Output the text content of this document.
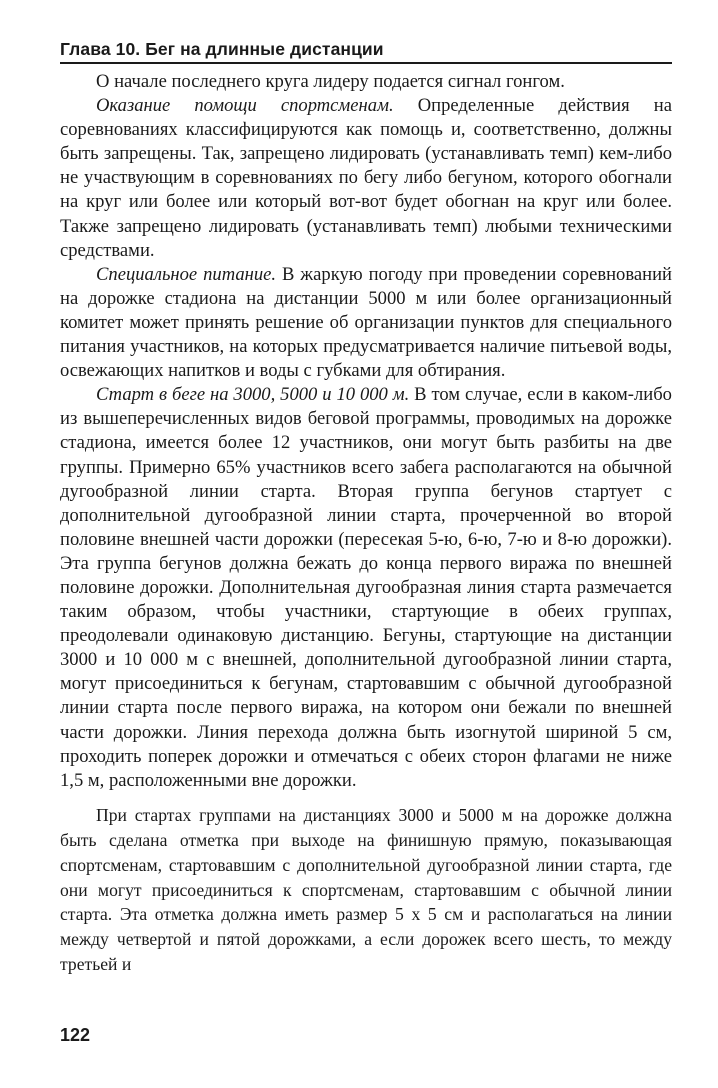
Глава 10. Бег на длинные дистанции

О начале последнего круга лидеру подается сигнал гонгом.

Оказание помощи спортсменам. Определенные действия на соревнованиях классифицируются как помощь и, соответственно, должны быть запрещены. Так, запрещено лидировать (устанавливать темп) кем-либо не участвующим в соревнованиях по бегу либо бегуном, которого обогнали на круг или более или который вот-вот будет обогнан на круг или более. Также запрещено лидировать (устанавливать темп) любыми техническими средствами.

Специальное питание. В жаркую погоду при проведении соревнований на дорожке стадиона на дистанции 5000 м или более организационный комитет может принять решение об организации пунктов для специального питания участников, на которых предусматривается наличие питьевой воды, освежающих напитков и воды с губками для обтирания.

Старт в беге на 3000, 5000 и 10 000 м. В том случае, если в каком-либо из вышеперечисленных видов беговой программы, проводимых на дорожке стадиона, имеется более 12 участников, они могут быть разбиты на две группы. Примерно 65% участников всего забега располагаются на обычной дугообразной линии старта. Вторая группа бегунов стартует с дополнительной дугообразной линии старта, прочерченной во второй половине внешней части дорожки (пересекая 5-ю, 6-ю, 7-ю и 8-ю дорожки). Эта группа бегунов должна бежать до конца первого виража по внешней половине дорожки. Дополнительная дугообразная линия старта размечается таким образом, чтобы участники, стартующие в обеих группах, преодолевали одинаковую дистанцию. Бегуны, стартующие на дистанции 3000 и 10 000 м с внешней, дополнительной дугообразной линии старта, могут присоединиться к бегунам, стартовавшим с обычной дугообразной линии старта после первого виража, на котором они бежали по внешней части дорожки. Линия перехода должна быть изогнутой шириной 5 см, проходить поперек дорожки и отмечаться с обеих сторон флагами не ниже 1,5 м, расположенными вне дорожки.

При стартах группами на дистанциях 3000 и 5000 м на дорожке должна быть сделана отметка при выходе на финишную прямую, показывающая спортсменам, стартовавшим с дополнительной дугообразной линии старта, где они могут присоединиться к спортсменам, стартовавшим с обычной линии старта. Эта отметка должна иметь размер 5 х 5 см и располагаться на линии между четвертой и пятой дорожками, а если дорожек всего шесть, то между третьей и

122
